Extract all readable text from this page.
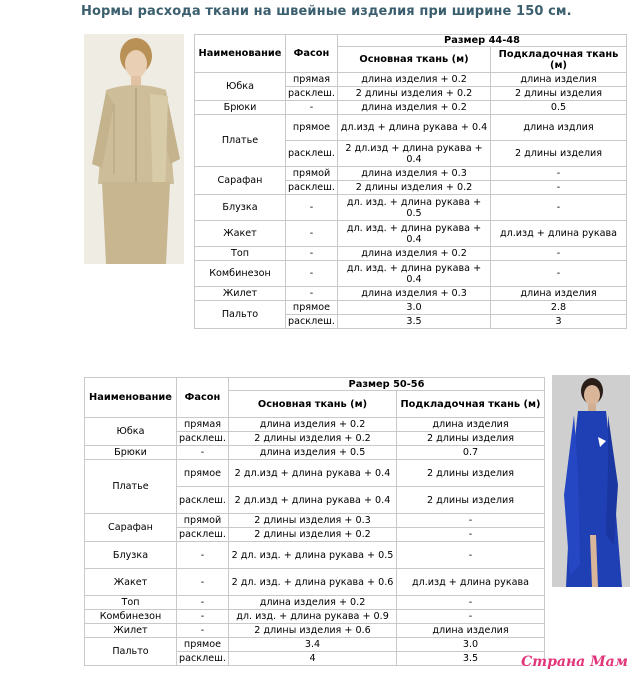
Нормы расхода ткани на швейные изделия при ширине 150 см.
Наименование	Фасон	Размер 44-48	
		Основная ткань (м)	Подкладочная ткань (м)
Юбка	прямая	длина изделия + 0.2	длина изделия
	расклеш.	2 длины изделия + 0.2	2 длины изделия
Брюки	-	длина изделия + 0.2	0.5
Платье	прямое	дл.изд + длина рукава + 0.4	длина издлия
	расклеш.	2 дл.изд + длина рукава + 0.4	2 длины изделия
Сарафан	прямой	длина изделия + 0.3	-
	расклеш.	2 длины изделия + 0.2	-
Блузка	-	дл. изд. + длина рукава + 0.5	-
Жакет	-	дл. изд. + длина рукава + 0.4	дл.изд + длина рукава
Топ	-	длина изделия + 0.2	-
Комбинезон	-	дл. изд. + длина рукава + 0.4	-
Жилет	-	длина изделия + 0.3	длина изделия
Пальто	прямое	3.0	2.8
	расклеш.	3.5	3
Наименование	Фасон	Размер 50-56	
		Основная ткань (м)	Подкладочная ткань (м)
Юбка	прямая	длина изделия + 0.2	длина изделия
	расклеш.	2 длины изделия + 0.2	2 длины изделия
Брюки	-	длина изделия + 0.5	0.7
Платье	прямое	2 дл.изд + длина рукава + 0.4	2 длины изделия
	расклеш.	2 дл.изд + длина рукава + 0.4	2 длины изделия
Сарафан	прямой	2 длины изделия + 0.3	-
	расклеш.	2 длины изделия + 0.2	-
Блузка	-	2 дл. изд. + длина рукава + 0.5	-
Жакет	-	2 дл. изд. + длина рукава + 0.6	дл.изд + длина рукава
Топ	-	длина изделия + 0.2	-
Комбинезон	-	дл. изд. + длина рукава + 0.9	-
Жилет	-	2 длины изделия + 0.6	длина изделия
Пальто	прямое	3.4	3.0
	расклеш.	4	3.5	Страна Мам
